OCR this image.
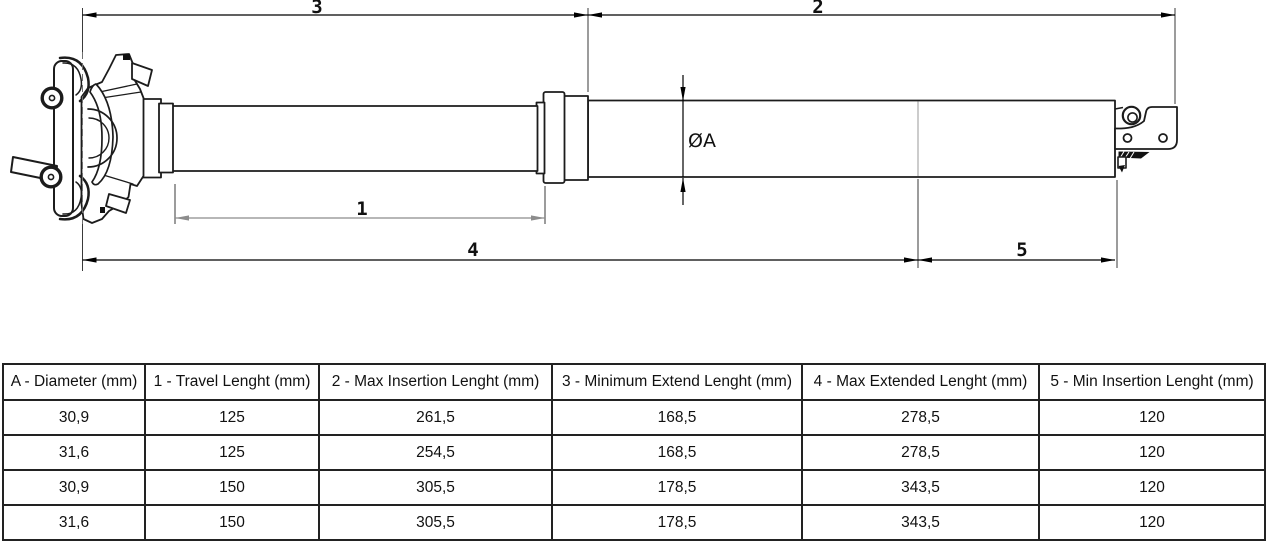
3	2
1
4	5
ØA
A - Diameter (mm)	1 - Travel Lenght (mm)	2 - Max Insertion Lenght (mm)	3 - Minimum Extend Lenght (mm)	4 - Max Extended Lenght (mm)	5 - Min Insertion Lenght (mm)
30,9	125	261,5	168,5	278,5	120
31,6	125	254,5	168,5	278,5	120
30,9	150	305,5	178,5	343,5	120
31,6	150	305,5	178,5	343,5	120
